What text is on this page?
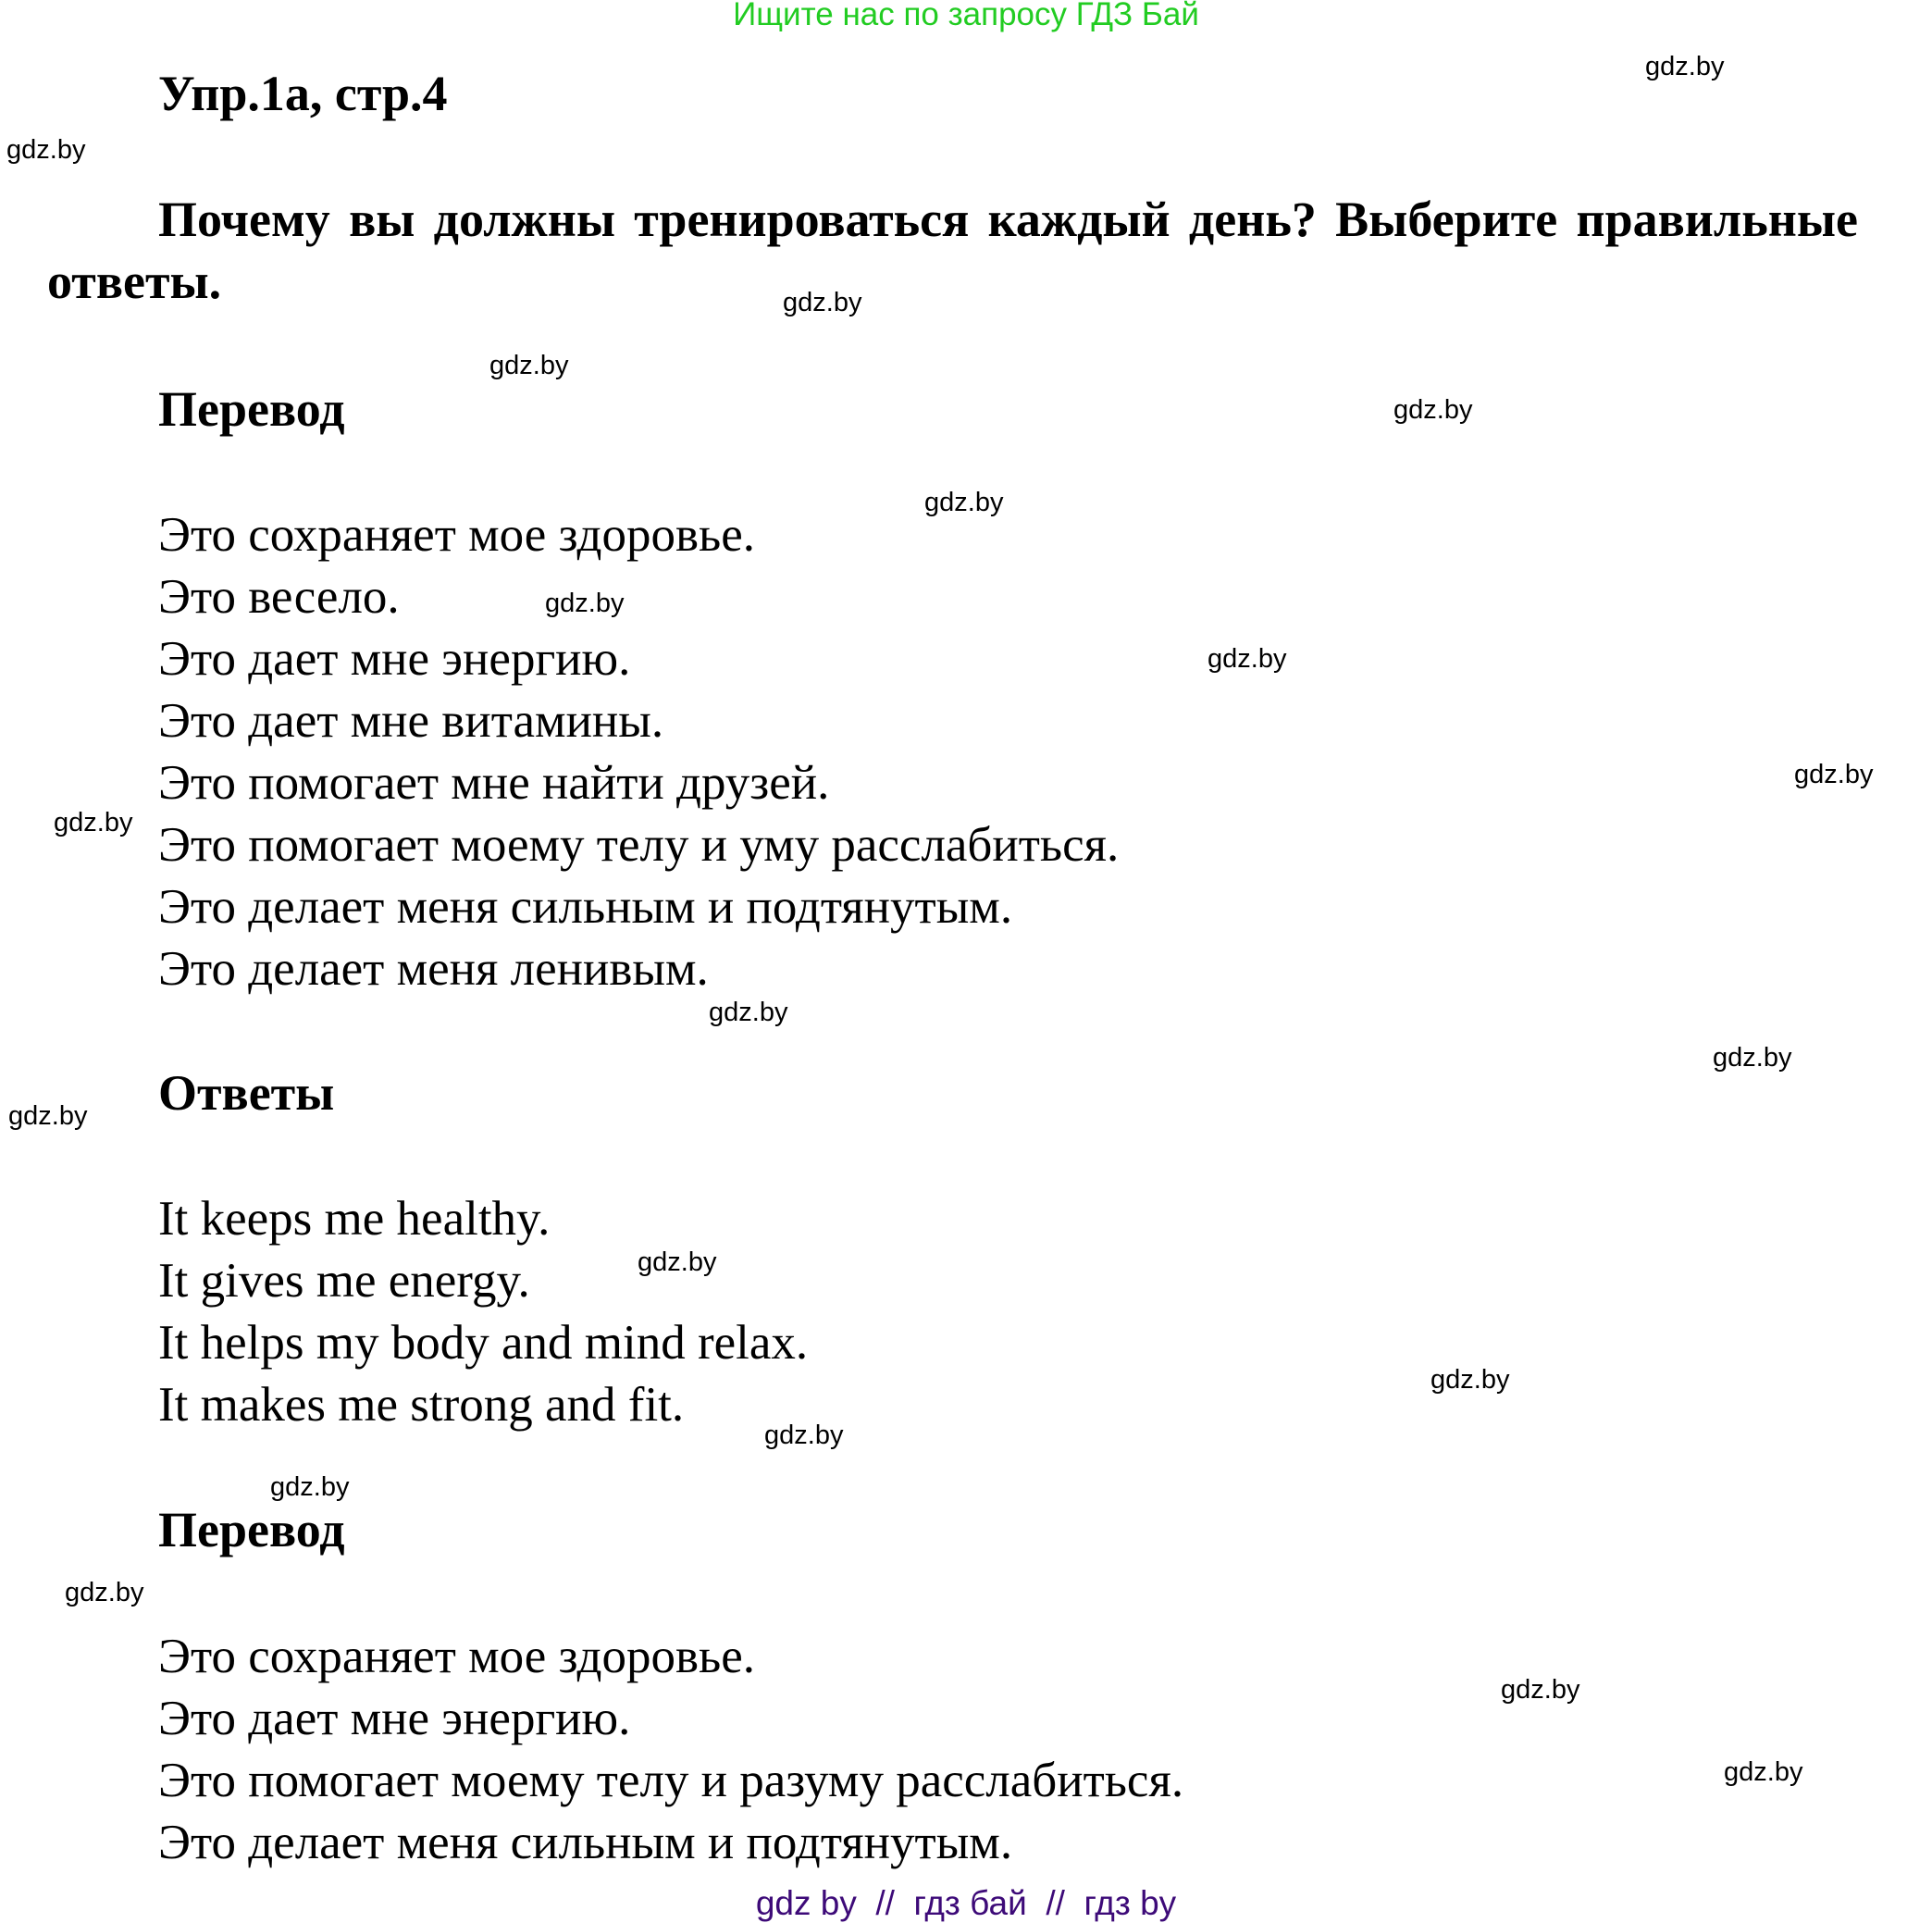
Ищите нас по запросу ГДЗ Бай
Упр.1a, стр.4
Почему вы должны тренироваться каждый день? Выберите правильные ответы.
Перевод
Это сохраняет мое здоровье.
Это весело.
Это дает мне энергию.
Это дает мне витамины.
Это помогает мне найти друзей.
Это помогает моему телу и уму расслабиться.
Это делает меня сильным и подтянутым.
Это делает меня ленивым.
Ответы
It keeps me healthy.
It gives me energy.
It helps my body and mind relax.
It makes me strong and fit.
Перевод
Это сохраняет мое здоровье.
Это дает мне энергию.
Это помогает моему телу и разуму расслабиться.
Это делает меня сильным и подтянутым.
gdz.by
gdz.by
gdz.by
gdz.by
gdz.by
gdz.by
gdz.by
gdz.by
gdz.by
gdz.by
gdz.by
gdz.by
gdz.by
gdz.by
gdz.by
gdz.by
gdz.by
gdz.by
gdz.by
gdz.by
gdz by  //  гдз бай  //  гдз by
